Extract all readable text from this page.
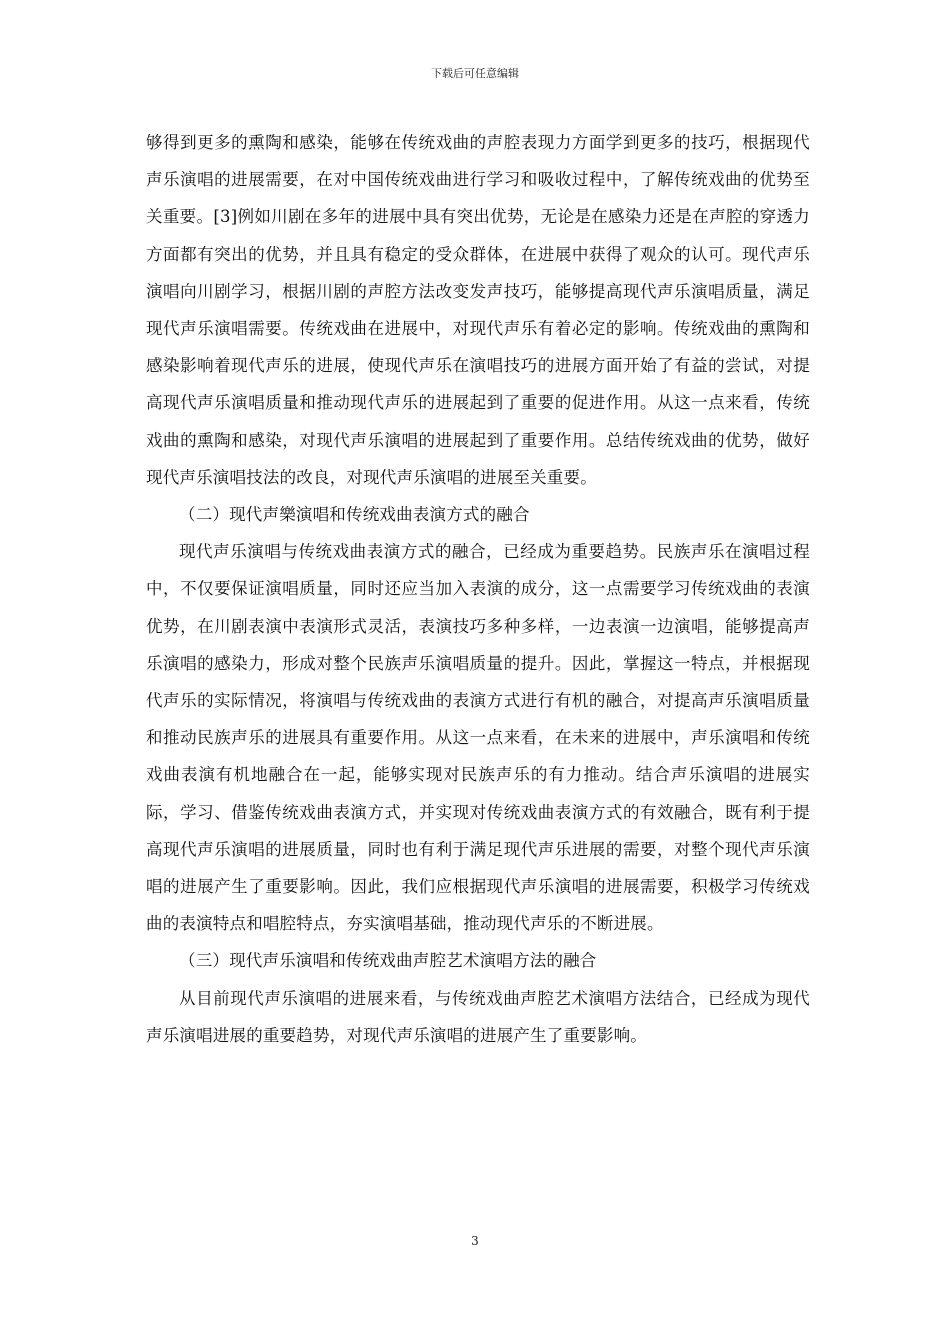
下载后可任意编辑

够得到更多的熏陶和感染，能够在传统戏曲的声腔表现力方面学到更多的技巧，根据现代声乐演唱的进展需要，在对中国传统戏曲进行学习和吸收过程中，了解传统戏曲的优势至关重要。[3]例如川剧在多年的进展中具有突出优势，无论是在感染力还是在声腔的穿透力方面都有突出的优势，并且具有稳定的受众群体，在进展中获得了观众的认可。现代声乐演唱向川剧学习，根据川剧的声腔方法改变发声技巧，能够提高现代声乐演唱质量，满足现代声乐演唱需要。传统戏曲在进展中，对现代声乐有着必定的影响。传统戏曲的熏陶和感染影响着现代声乐的进展，使现代声乐在演唱技巧的进展方面开始了有益的尝试，对提高现代声乐演唱质量和推动现代声乐的进展起到了重要的促进作用。从这一点来看，传统戏曲的熏陶和感染，对现代声乐演唱的进展起到了重要作用。总结传统戏曲的优势，做好现代声乐演唱技法的改良，对现代声乐演唱的进展至关重要。

（二）现代声樂演唱和传统戏曲表演方式的融合

现代声乐演唱与传统戏曲表演方式的融合，已经成为重要趋势。民族声乐在演唱过程中，不仅要保证演唱质量，同时还应当加入表演的成分，这一点需要学习传统戏曲的表演优势，在川剧表演中表演形式灵活，表演技巧多种多样，一边表演一边演唱，能够提高声乐演唱的感染力，形成对整个民族声乐演唱质量的提升。因此，掌握这一特点，并根据现代声乐的实际情况，将演唱与传统戏曲的表演方式进行有机的融合，对提高声乐演唱质量和推动民族声乐的进展具有重要作用。从这一点来看，在未来的进展中，声乐演唱和传统戏曲表演有机地融合在一起，能够实现对民族声乐的有力推动。结合声乐演唱的进展实际，学习、借鉴传统戏曲表演方式，并实现对传统戏曲表演方式的有效融合，既有利于提高现代声乐演唱的进展质量，同时也有利于满足现代声乐进展的需要，对整个现代声乐演唱的进展产生了重要影响。因此，我们应根据现代声乐演唱的进展需要，积极学习传统戏曲的表演特点和唱腔特点，夯实演唱基础，推动现代声乐的不断进展。

（三）现代声乐演唱和传统戏曲声腔艺术演唱方法的融合

从目前现代声乐演唱的进展来看，与传统戏曲声腔艺术演唱方法结合，已经成为现代声乐演唱进展的重要趋势，对现代声乐演唱的进展产生了重要影响。

3
